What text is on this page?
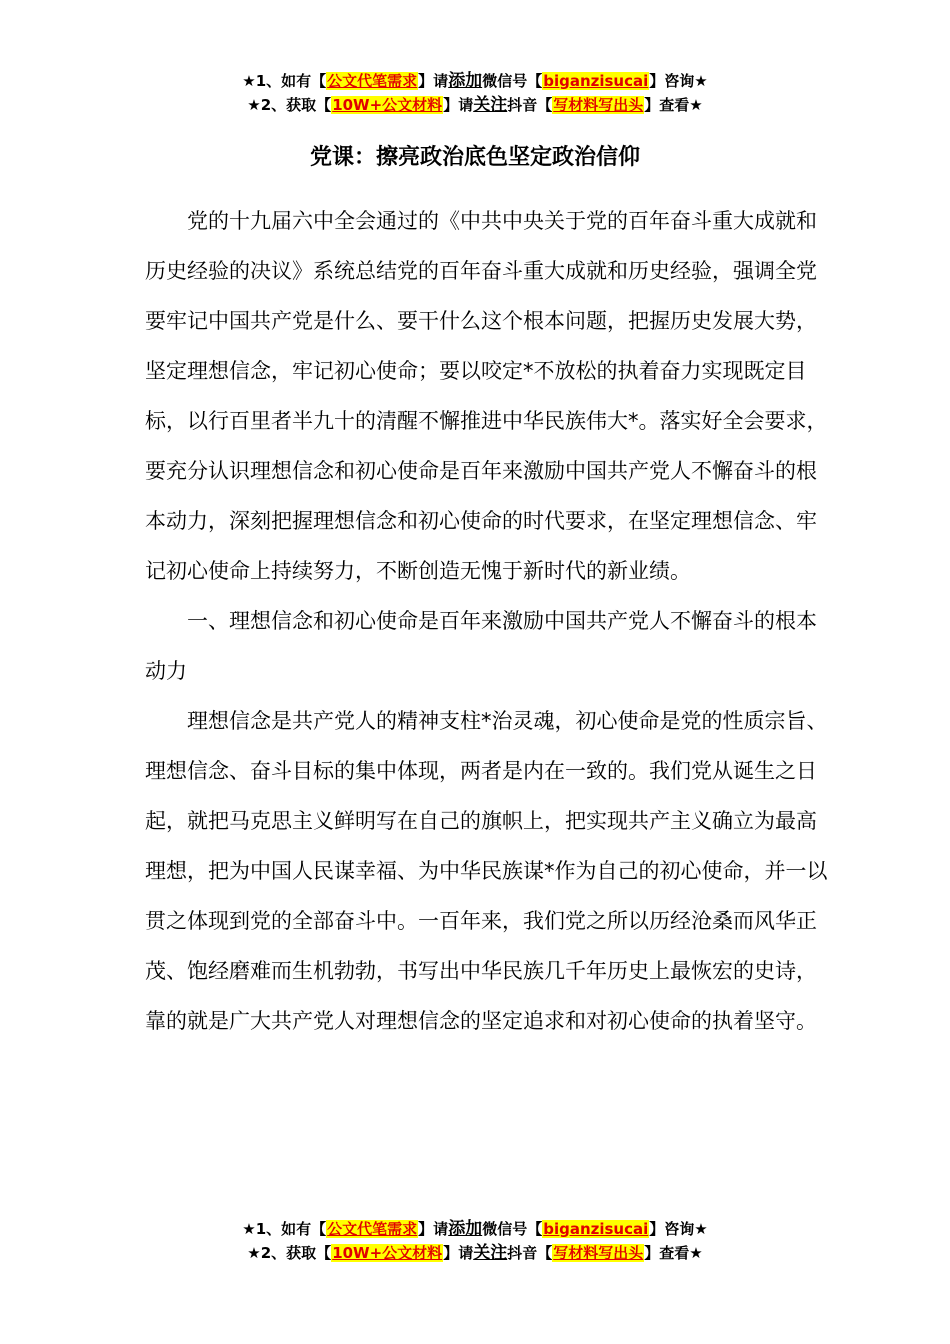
★1、如有【公文代笔需求】请添加微信号【biganzisucai】咨询★
★2、获取【10W+公文材料】请关注抖音【写材料写出头】查看★
党课：擦亮政治底色坚定政治信仰

党的十九届六中全会通过的《中共中央关于党的百年奋斗重大成就和历史经验的决议》系统总结党的百年奋斗重大成就和历史经验，强调全党要牢记中国共产党是什么、要干什么这个根本问题，把握历史发展大势，坚定理想信念，牢记初心使命；要以咬定*不放松的执着奋力实现既定目标，以行百里者半九十的清醒不懈推进中华民族伟大*。落实好全会要求，要充分认识理想信念和初心使命是百年来激励中国共产党人不懈奋斗的根本动力，深刻把握理想信念和初心使命的时代要求，在坚定理想信念、牢记初心使命上持续努力，不断创造无愧于新时代的新业绩。

一、理想信念和初心使命是百年来激励中国共产党人不懈奋斗的根本动力

理想信念是共产党人的精神支柱*治灵魂，初心使命是党的性质宗旨、理想信念、奋斗目标的集中体现，两者是内在一致的。我们党从诞生之日起，就把马克思主义鲜明写在自己的旗帜上，把实现共产主义确立为最高理想，把为中国人民谋幸福、为中华民族谋*作为自己的初心使命，并一以贯之体现到党的全部奋斗中。一百年来，我们党之所以历经沧桑而风华正茂、饱经磨难而生机勃勃，书写出中华民族几千年历史上最恢宏的史诗，靠的就是广大共产党人对理想信念的坚定追求和对初心使命的执着坚守。

★1、如有【公文代笔需求】请添加微信号【biganzisucai】咨询★
★2、获取【10W+公文材料】请关注抖音【写材料写出头】查看★
